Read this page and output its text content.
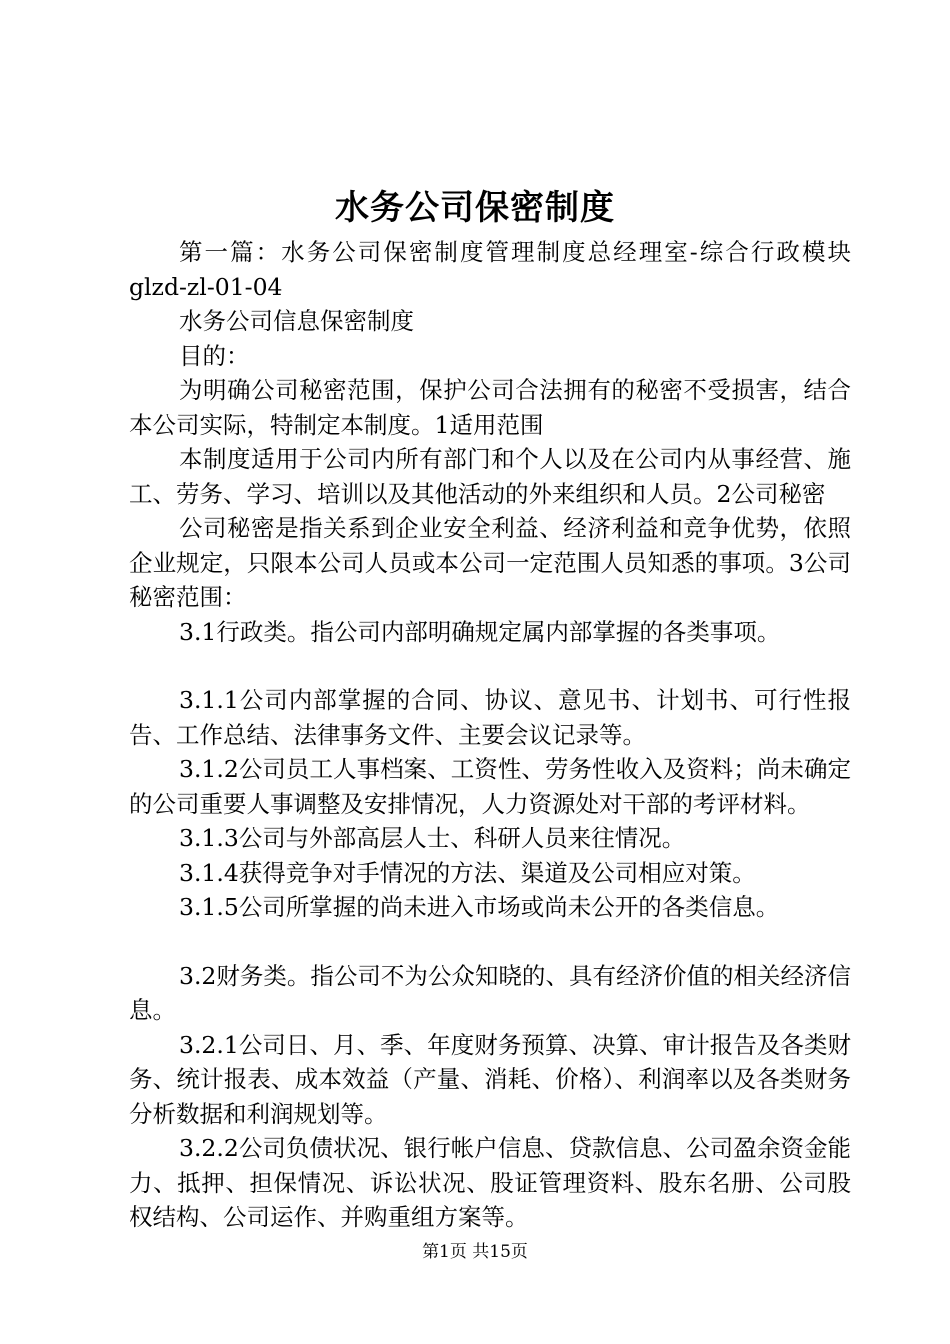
水务公司保密制度

第一篇：水务公司保密制度管理制度总经理室-综合行政模块glzd-zl-01-04

水务公司信息保密制度

目的：

为明确公司秘密范围，保护公司合法拥有的秘密不受损害，结合本公司实际，特制定本制度。1适用范围

本制度适用于公司内所有部门和个人以及在公司内从事经营、施工、劳务、学习、培训以及其他活动的外来组织和人员。2公司秘密

公司秘密是指关系到企业安全利益、经济利益和竞争优势，依照企业规定，只限本公司人员或本公司一定范围人员知悉的事项。3公司秘密范围：

3.1行政类。指公司内部明确规定属内部掌握的各类事项。

3.1.1公司内部掌握的合同、协议、意见书、计划书、可行性报告、工作总结、法律事务文件、主要会议记录等。

3.1.2公司员工人事档案、工资性、劳务性收入及资料；尚未确定的公司重要人事调整及安排情况，人力资源处对干部的考评材料。

3.1.3公司与外部高层人士、科研人员来往情况。

3.1.4获得竞争对手情况的方法、渠道及公司相应对策。

3.1.5公司所掌握的尚未进入市场或尚未公开的各类信息。

3.2财务类。指公司不为公众知晓的、具有经济价值的相关经济信息。

3.2.1公司日、月、季、年度财务预算、决算、审计报告及各类财务、统计报表、成本效益（产量、消耗、价格）、利润率以及各类财务分析数据和利润规划等。

3.2.2公司负债状况、银行帐户信息、贷款信息、公司盈余资金能力、抵押、担保情况、诉讼状况、股证管理资料、股东名册、公司股权结构、公司运作、并购重组方案等。

第1页 共15页
